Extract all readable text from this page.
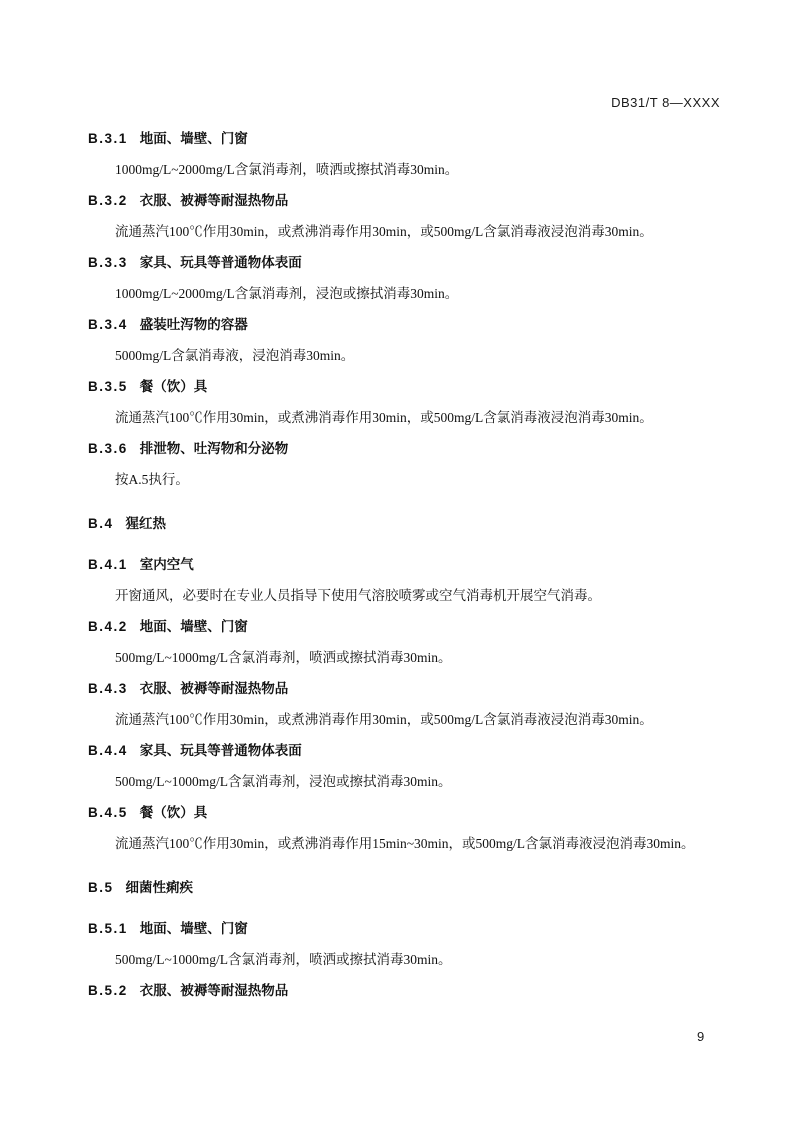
DB31/T 8—XXXX
B.3.1 地面、墙壁、门窗
1000mg/L~2000mg/L含氯消毒剂，喷洒或擦拭消毒30min。
B.3.2 衣服、被褥等耐湿热物品
流通蒸汽100℃作用30min，或煮沸消毒作用30min，或500mg/L含氯消毒液浸泡消毒30min。
B.3.3 家具、玩具等普通物体表面
1000mg/L~2000mg/L含氯消毒剂，浸泡或擦拭消毒30min。
B.3.4 盛装吐泻物的容器
5000mg/L含氯消毒液，浸泡消毒30min。
B.3.5 餐（饮）具
流通蒸汽100℃作用30min，或煮沸消毒作用30min，或500mg/L含氯消毒液浸泡消毒30min。
B.3.6 排泄物、吐泻物和分泌物
按A.5执行。
B.4 猩红热
B.4.1 室内空气
开窗通风，必要时在专业人员指导下使用气溶胶喷雾或空气消毒机开展空气消毒。
B.4.2 地面、墙壁、门窗
500mg/L~1000mg/L含氯消毒剂，喷洒或擦拭消毒30min。
B.4.3 衣服、被褥等耐湿热物品
流通蒸汽100℃作用30min，或煮沸消毒作用30min，或500mg/L含氯消毒液浸泡消毒30min。
B.4.4 家具、玩具等普通物体表面
500mg/L~1000mg/L含氯消毒剂，浸泡或擦拭消毒30min。
B.4.5 餐（饮）具
流通蒸汽100℃作用30min，或煮沸消毒作用15min~30min，或500mg/L含氯消毒液浸泡消毒30min。
B.5 细菌性痢疾
B.5.1 地面、墙壁、门窗
500mg/L~1000mg/L含氯消毒剂，喷洒或擦拭消毒30min。
B.5.2 衣服、被褥等耐湿热物品
9
